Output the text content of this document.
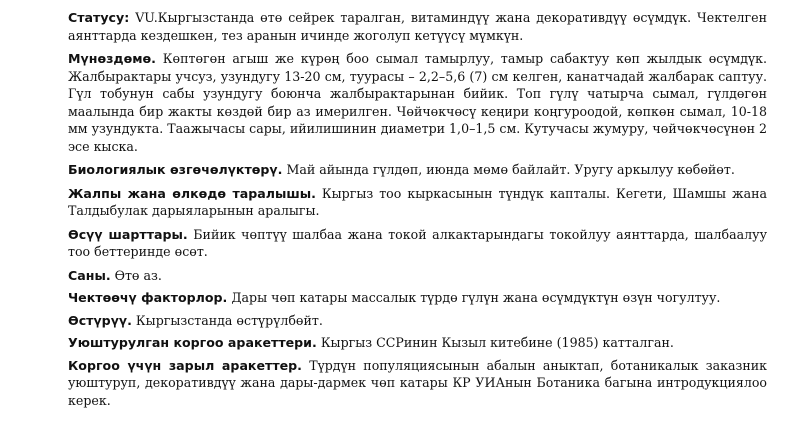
Статусу: VU.Кыргызстанда өтө сейрек таралган, витаминдүү жана декоративдүү өсүмдүк. Чектелген аянттарда кездешкен, тез аранын ичинде жоголуп кетүүсү мүмкүн.

Мүнөздөмө. Көптөгөн агыш же күрөң боо сымал тамырлуу, тамыр сабактуу көп жылдык өсүмдүк. Жалбырактары учсуз, узундугу 13-20 см, туурасы – 2,2–5,6 (7) см келген, канатчадай жалбарак саптуу. Гүл тобунун сабы узундугу боюнча жалбырактарынан бийик. Топ гүлү чатырча сымал, гүлдөгөн маалында бир жакты көздөй бир аз имерилген. Чөйчөкчөсү кеңири коңгуроодой, көпкөн сымал, 10-18 мм узундукта. Таажычасы сары, ийилишинин диаметри 1,0–1,5 см. Кутучасы жумуру, чөйчөкчөсүнөн 2 эсе кыска.

Биологиялык өзгөчөлүктөрү. Май айында гүлдөп, июнда мөмө байлайт. Уругу аркылуу көбөйөт.

Жалпы жана өлкөдө таралышы. Кыргыз тоо кыркасынын түндүк капталы. Кегети, Шамшы жана Талдыбулак дарыяларынын аралыгы.

Өсүү шарттары. Бийик чөптүү шалбаа жана токой алкактарындагы токойлуу аянттарда, шалбаалуу тоо беттеринде өсөт.

Саны. Өтө аз.

Чектөөчү факторлор. Дары чөп катары массалык түрдө гүлүн жана өсүмдүктүн өзүн чогултуу.

Өстүрүү. Кыргызстанда өстүрүлбөйт.

Уюштурулган коргоо аракеттери. Кыргыз ССРинин Кызыл китебине (1985) катталган.

Коргоо үчүн зарыл аракеттер. Түрдүн популяциясынын абалын аныктап, ботаникалык заказник уюштуруп, декоративдүү жана дары-дармек чөп катары КР УИАнын Ботаника багына интродукциялоо керек.
